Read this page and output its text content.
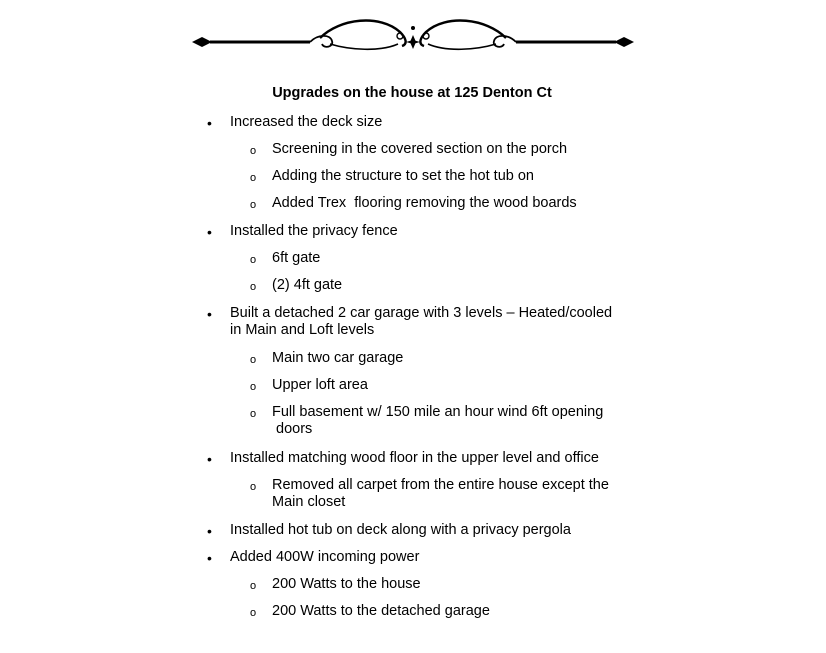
Upgrades on the house at 125 Denton Ct
• Increased the deck size
o Screening in the covered section on the porch
o Adding the structure to set the hot tub on
o Added Trex  flooring removing the wood boards
• Installed the privacy fence
o 6ft gate
o (2) 4ft gate
• Built a detached 2 car garage with 3 levels – Heated/cooled
in Main and Loft levels
o Main two car garage
o Upper loft area
o Full basement w/ 150 mile an hour wind 6ft opening
doors
• Installed matching wood floor in the upper level and office
o Removed all carpet from the entire house except the
Main closet
• Installed hot tub on deck along with a privacy pergola
• Added 400W incoming power
o 200 Watts to the house
o 200 Watts to the detached garage
